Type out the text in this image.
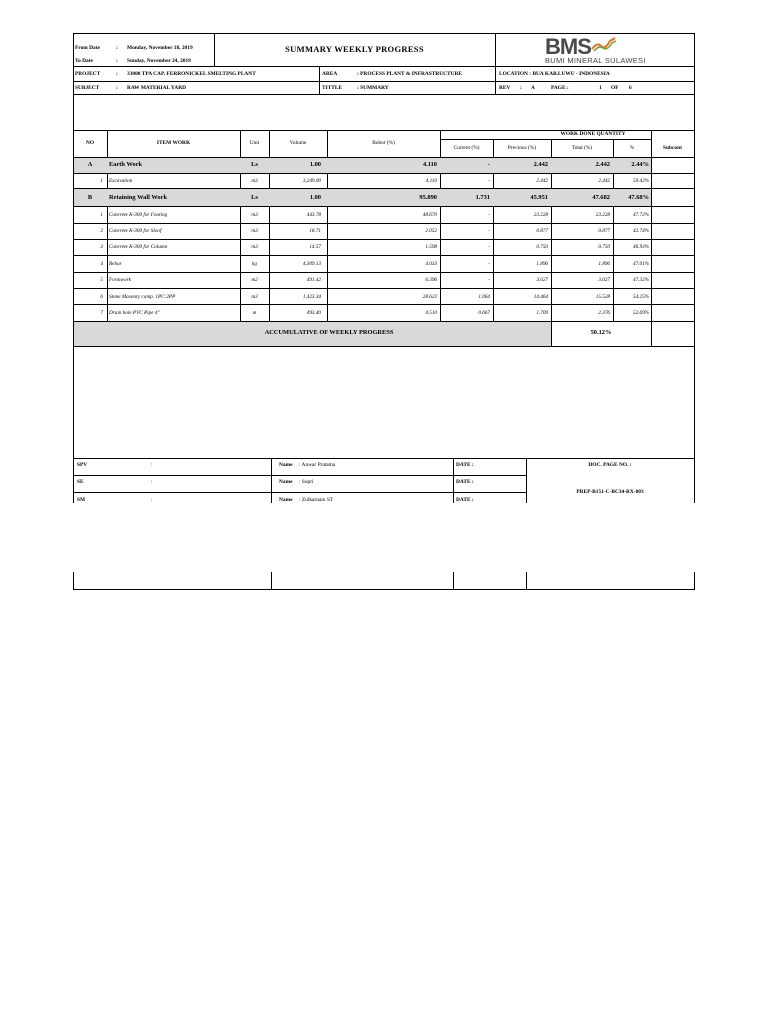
From Date	: Monday, November 18, 2019
To Date	: Sunday, November 24, 2019
SUMMARY WEEKLY PROGRESS	BMS
BUMI MINERAL SULAWESI
PROJECT	: 33000 TPA CAP. FERRONICKEL SMELTING PLANT	AREA	: PROCESS PLANT & INFRASTRUCTURE	LOCATION : BUA KAB.LUWU - INDONESIA
SUBJECT	: RAW MATERIAL YARD	TITTLE	: SUMMARY	REV : A	PAGE :	1 OF 6
NO	ITEM WORK	Unit	Volume	Bobot (%)
WORK DONE QUANTITY
Current (%)	Previous (%)	Total (%)	%	Subcont
A	Earth Work	Ls	1.00	4.110	-	2.442	2.442	2.44%
1 Excavation	m3	3,249.00	4.110	-	2.442	2.442	59.42%
B	Retaining Wall Work	Ls	1.00	95.890	1.731	45.951	47.682	47.68%
1 Concrete K-300 for Footing	m3	443.78	48.670	-	23.228	23.228	47.72%
2 Concrete K-300 for Sloof	m3	18.71	2.052	-	0.877	0.877	42.74%
3 Concrete K-300 for Column	m3	14.57	1.598	-	0.750	0.750	46.93%
4 Rebar	kg	4,309.13	4.033	-	1.896	1.896	47.01%
5 Formwork	m2	491.42	6.396	-	3.027	3.027	47.32%
6 Stone Masonry camp. 1PC:2PP	m3	1,423.34	28.623	1.064	14.464	15.528	54.25%
7 Drain hole PVC Pipe 4"	m	493.40	4.510	0.667	1.709	2.376	52.69%
ACCUMULATIVE OF WEEKLY PROGRESS	50.12%
SPV	:	Name : Anwar Pratama	DATE :
SE	:	Name : Supri	DATE :
SM	:	Name : Zulkarnain ST	DATE :
DOC. PAGE NO. :
PREP-B151-C-BC34-RX-003
